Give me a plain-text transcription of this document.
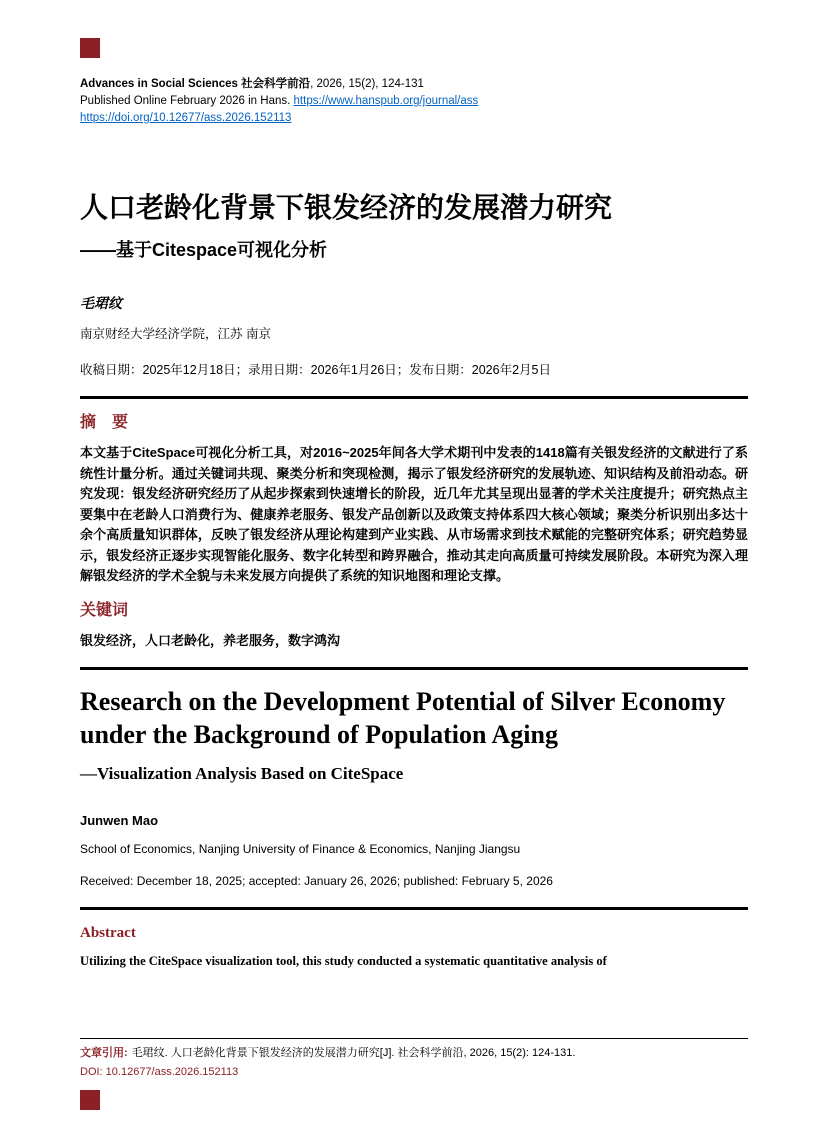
Advances in Social Sciences 社会科学前沿, 2026, 15(2), 124-131

Published Online February 2026 in Hans. https://www.hanspub.org/journal/ass

https://doi.org/10.12677/ass.2026.152113

人口老龄化背景下银发经济的发展潜力研究
——基于Citespace可视化分析

毛珺纹

南京财经大学经济学院，江苏 南京

收稿日期：2025年12月18日；录用日期：2026年1月26日；发布日期：2026年2月5日

摘　要

本文基于CiteSpace可视化分析工具，对2016~2025年间各大学术期刊中发表的1418篇有关银发经济的文献进行了系统性计量分析。通过关键词共现、聚类分析和突现检测，揭示了银发经济研究的发展轨迹、知识结构及前沿动态。研究发现：银发经济研究经历了从起步探索到快速增长的阶段，近几年尤其呈现出显著的学术关注度提升；研究热点主要集中在老龄人口消费行为、健康养老服务、银发产品创新以及政策支持体系四大核心领域；聚类分析识别出多达十余个高质量知识群体，反映了银发经济从理论构建到产业实践、从市场需求到技术赋能的完整研究体系；研究趋势显示，银发经济正逐步实现智能化服务、数字化转型和跨界融合，推动其走向高质量可持续发展阶段。本研究为深入理解银发经济的学术全貌与未来发展方向提供了系统的知识地图和理论支撑。

关键词

银发经济，人口老龄化，养老服务，数字鸿沟

Research on the Development Potential of Silver Economy under the Background of Population Aging
—Visualization Analysis Based on CiteSpace

Junwen Mao

School of Economics, Nanjing University of Finance & Economics, Nanjing Jiangsu

Received: December 18, 2025; accepted: January 26, 2026; published: February 5, 2026

Abstract

Utilizing the CiteSpace visualization tool, this study conducted a systematic quantitative analysis of

文章引用: 毛珺纹. 人口老龄化背景下银发经济的发展潜力研究[J]. 社会科学前沿, 2026, 15(2): 124-131.

DOI: 10.12677/ass.2026.152113
